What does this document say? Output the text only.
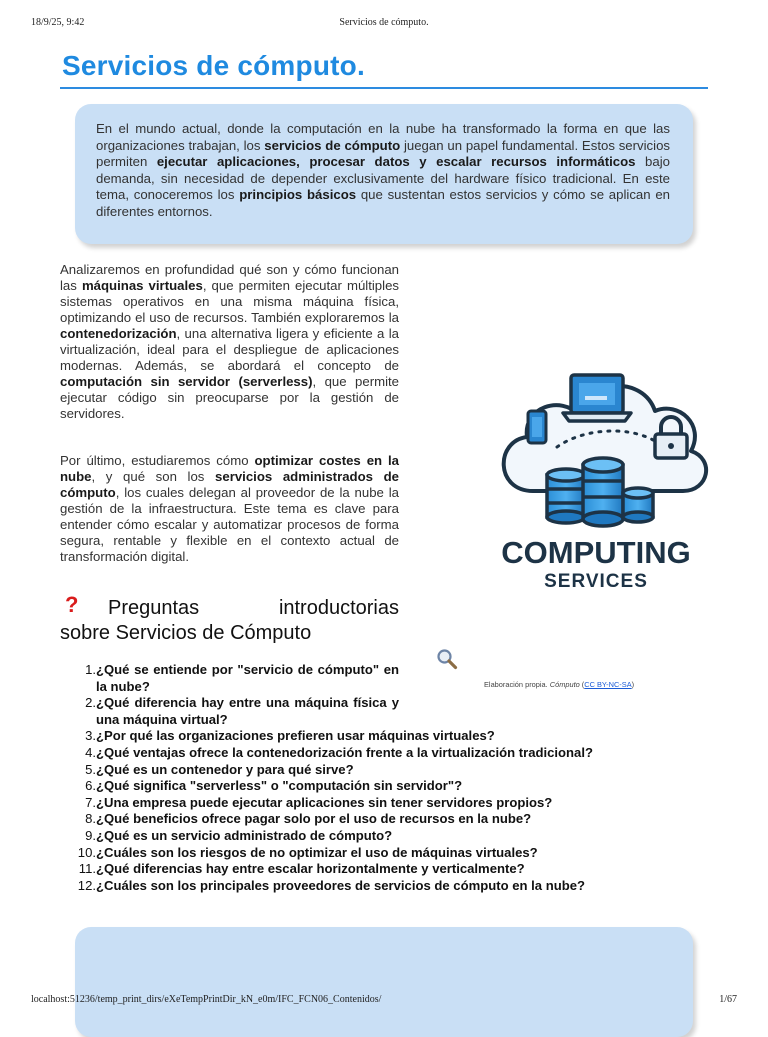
18/9/25, 9:42	Servicios de cómputo.
Servicios de cómputo.

En el mundo actual, donde la computación en la nube ha transformado la forma en que las organizaciones trabajan, los servicios de cómputo juegan un papel fundamental. Estos servicios permiten ejecutar aplicaciones, procesar datos y escalar recursos informáticos bajo demanda, sin necesidad de depender exclusivamente del hardware físico tradicional. En este tema, conoceremos los principios básicos que sustentan estos servicios y cómo se aplican en diferentes entornos.

Analizaremos en profundidad qué son y cómo funcionan las máquinas virtuales, que permiten ejecutar múltiples sistemas operativos en una misma máquina física, optimizando el uso de recursos. También exploraremos la contenedorización, una alternativa ligera y eficiente a la virtualización, ideal para el despliegue de aplicaciones modernas. Además, se abordará el concepto de computación sin servidor (serverless), que permite ejecutar código sin preocuparse por la gestión de servidores.

Por último, estudiaremos cómo optimizar costes en la nube, y qué son los servicios administrados de cómputo, los cuales delegan al proveedor de la nube la gestión de la infraestructura. Este tema es clave para entender cómo escalar y automatizar procesos de forma segura, rentable y flexible en el contexto actual de transformación digital.

? Preguntas	introductorias
sobre Servicios de Cómputo
1. ¿Qué se entiende por "servicio de cómputo" en la nube?
2. ¿Qué diferencia hay entre una máquina física y una máquina virtual?
3. ¿Por qué las organizaciones prefieren usar máquinas virtuales?
4. ¿Qué ventajas ofrece la contenedorización frente a la virtualización tradicional?
5. ¿Qué es un contenedor y para qué sirve?
6. ¿Qué significa "serverless" o "computación sin servidor"?
7. ¿Una empresa puede ejecutar aplicaciones sin tener servidores propios?
8. ¿Qué beneficios ofrece pagar solo por el uso de recursos en la nube?
9. ¿Qué es un servicio administrado de cómputo?
10. ¿Cuáles son los riesgos de no optimizar el uso de máquinas virtuales?
11. ¿Qué diferencias hay entre escalar horizontalmente y verticalmente?
12. ¿Cuáles son los principales proveedores de servicios de cómputo en la nube?
COMPUTING
SERVICES
Elaboración propia. Cómputo (CC BY-NC-SA)
localhost:51236/temp_print_dirs/eXeTempPrintDir_kN_e0m/IFC_FCN06_Contenidos/	1/67
